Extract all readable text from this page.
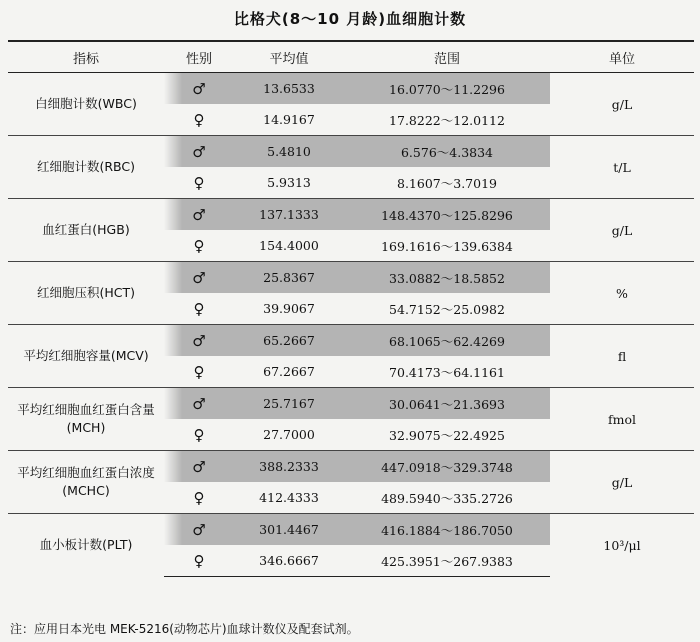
比格犬(8～10 月龄)血细胞计数
指标	性别	平均值	范围	单位
白细胞计数(WBC)	♂	13.6533	16.0770～11.2296	g/L
	♀	14.9167	17.8222～12.0112	
红细胞计数(RBC)	♂	5.4810	6.576～4.3834	t/L
	♀	5.9313	8.1607～3.7019	
血红蛋白(HGB)	♂	137.1333	148.4370～125.8296	g/L
	♀	154.4000	169.1616～139.6384	
红细胞压积(HCT)	♂	25.8367	33.0882～18.5852	%
	♀	39.9067	54.7152～25.0982	
平均红细胞容量(MCV)	♂	65.2667	68.1065～62.4269	fl
	♀	67.2667	70.4173～64.1161	
平均红细胞血红蛋白含量(MCH)	♂	25.7167	30.0641～21.3693	fmol
	♀	27.7000	32.9075～22.4925	
平均红细胞血红蛋白浓度(MCHC)	♂	388.2333	447.0918～329.3748	g/L
	♀	412.4333	489.5940～335.2726	
血小板计数(PLT)	♂	301.4467	416.1884～186.7050	10³/μl
	♀	346.6667	425.3951～267.9383	
注：应用日本光电 MEK-5216(动物芯片)血球计数仪及配套试剂。
